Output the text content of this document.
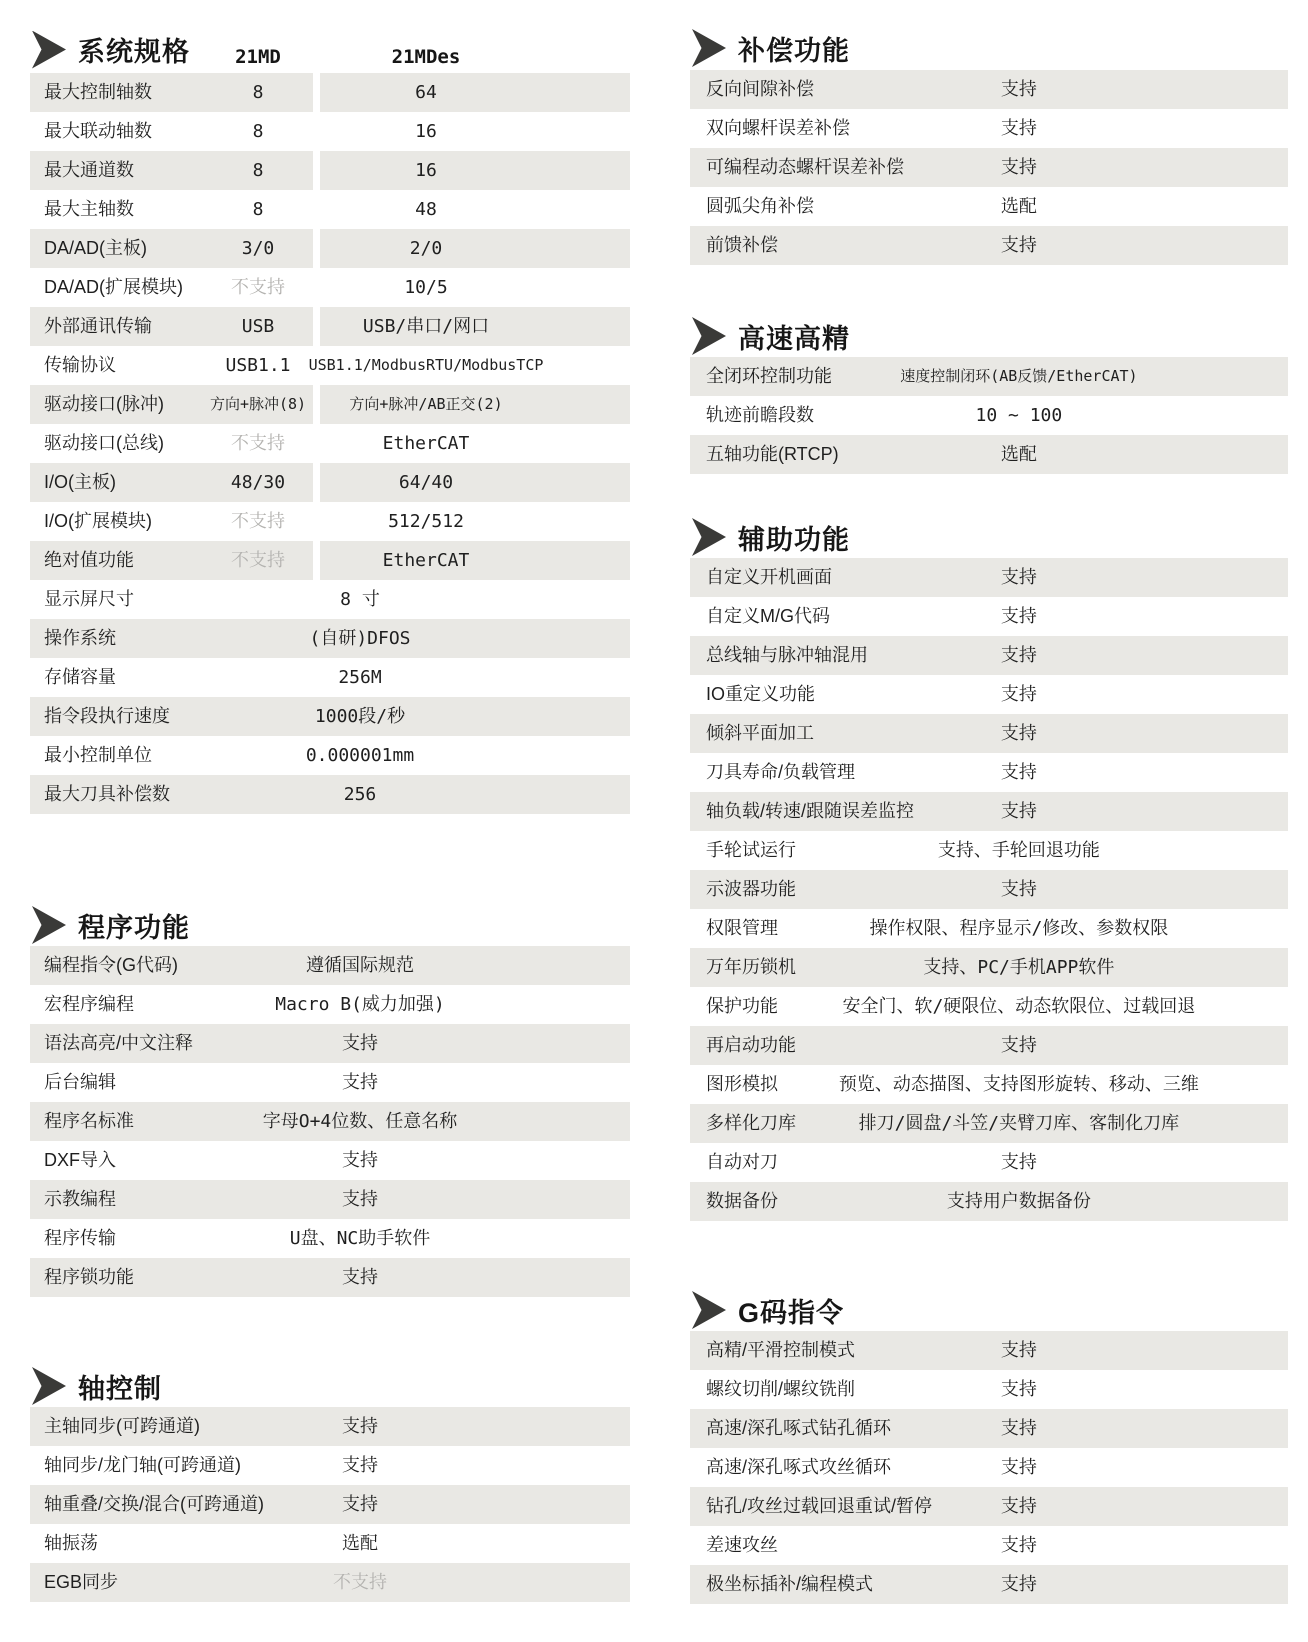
系统规格 21MD	21MDes
最大控制轴数	8	64
最大联动轴数	8	16
最大通道数	8	16
最大主轴数	8	48
DA/AD(主板)	3/0	2/0
DA/AD(扩展模块)	不支持	10/5
外部通讯传输	USB	USB/串口/网口
传输协议	USB1.1 USB1.1/ModbusRTU/ModbusTCP
驱动接口(脉冲)	方向+脉冲(8)	方向+脉冲/AB正交(2)
驱动接口(总线)	不支持	EtherCAT
I/O(主板)	48/30	64/40
I/O(扩展模块)	不支持	512/512
绝对值功能	不支持	EtherCAT
显示屏尺寸	8 寸
操作系统	(自研)DFOS
存储容量	256M
指令段执行速度	1000段/秒
最小控制单位	0.000001mm
最大刀具补偿数	256
程序功能
编程指令(G代码)	遵循国际规范
宏程序编程	Macro B(威力加强)
语法高亮/中文注释	支持
后台编辑	支持
程序名标准	字母O+4位数、任意名称
DXF导入	支持
示教编程	支持
程序传输	U盘、NC助手软件
程序锁功能	支持
轴控制
主轴同步(可跨通道)	支持
轴同步/龙门轴(可跨通道)	支持
轴重叠/交换/混合(可跨通道)	支持
轴振荡	选配
EGB同步	不支持
补偿功能
反向间隙补偿	支持
双向螺杆误差补偿	支持
可编程动态螺杆误差补偿	支持
圆弧尖角补偿	选配
前馈补偿	支持
高速高精
全闭环控制功能	速度控制闭环(AB反馈/EtherCAT)
轨迹前瞻段数	10 ~ 100
五轴功能(RTCP)	选配
辅助功能
自定义开机画面	支持
自定义M/G代码	支持
总线轴与脉冲轴混用	支持
IO重定义功能	支持
倾斜平面加工	支持
刀具寿命/负载管理	支持
轴负载/转速/跟随误差监控	支持
手轮试运行	支持、手轮回退功能
示波器功能	支持
权限管理	操作权限、程序显示/修改、参数权限
万年历锁机	支持、PC/手机APP软件
保护功能	安全门、软/硬限位、动态软限位、过载回退
再启动功能	支持
图形模拟	预览、动态描图、支持图形旋转、移动、三维
多样化刀库	排刀/圆盘/斗笠/夹臂刀库、客制化刀库
自动对刀	支持
数据备份	支持用户数据备份
G码指令
高精/平滑控制模式	支持
螺纹切削/螺纹铣削	支持
高速/深孔啄式钻孔循环	支持
高速/深孔啄式攻丝循环	支持
钻孔/攻丝过载回退重试/暂停	支持
差速攻丝	支持
极坐标插补/编程模式	支持
